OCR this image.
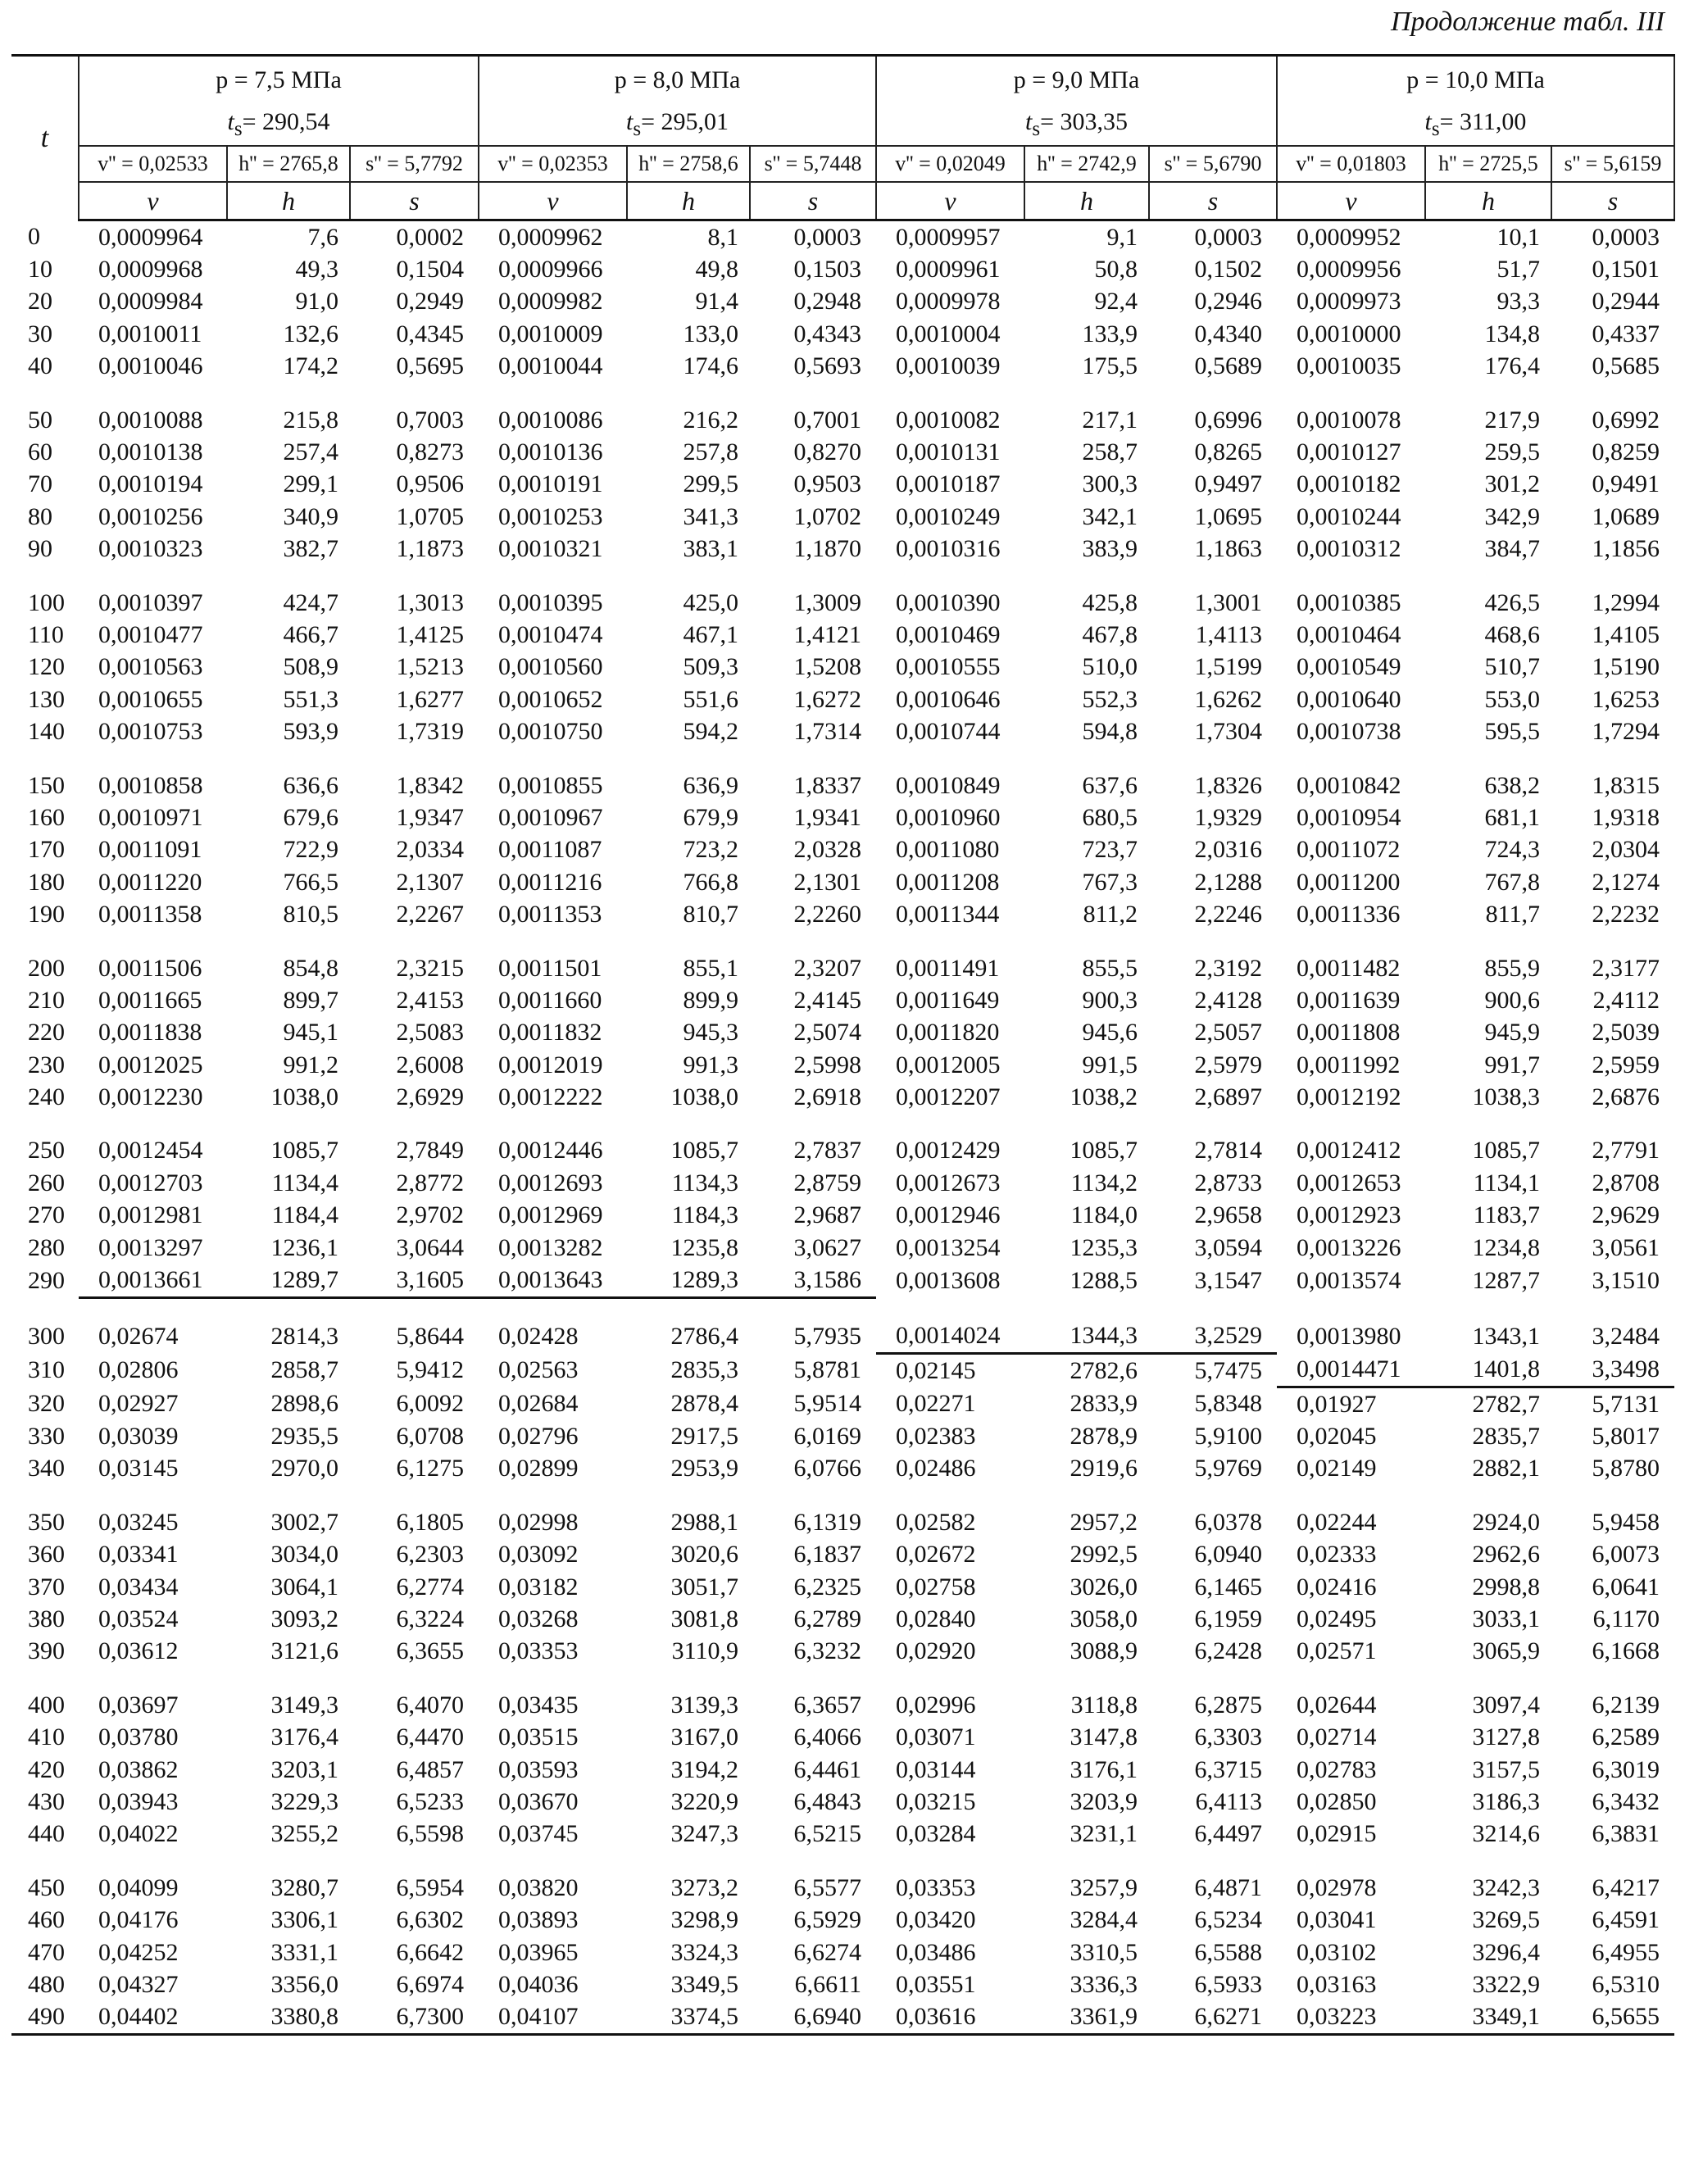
Продолжение табл. III
t	p = 7,5 МПа			p = 8,0 МПа			p = 9,0 МПа			p = 10,0 МПа		
	$t_s= 290,54$			$t_s= 295,01$			$t_s= 303,35$			$t_s= 311,00$		
	v'' = 0,02533	h'' = 2765,8	s'' = 5,7792	v'' = 0,02353	h'' = 2758,6	s'' = 5,7448	v'' = 0,02049	h'' = 2742,9	s'' = 5,6790	v'' = 0,01803	h'' = 2725,5	s'' = 5,6159
	v	h	s	v	h	s	v	h	s	v	h	s
0	0,0009964	7,6	0,0002	0,0009962	8,1	0,0003	0,0009957	9,1	0,0003	0,0009952	10,1	0,0003
10	0,0009968	49,3	0,1504	0,0009966	49,8	0,1503	0,0009961	50,8	0,1502	0,0009956	51,7	0,1501
20	0,0009984	91,0	0,2949	0,0009982	91,4	0,2948	0,0009978	92,4	0,2946	0,0009973	93,3	0,2944
30	0,0010011	132,6	0,4345	0,0010009	133,0	0,4343	0,0010004	133,9	0,4340	0,0010000	134,8	0,4337
40	0,0010046	174,2	0,5695	0,0010044	174,6	0,5693	0,0010039	175,5	0,5689	0,0010035	176,4	0,5685

50	0,0010088	215,8	0,7003	0,0010086	216,2	0,7001	0,0010082	217,1	0,6996	0,0010078	217,9	0,6992
60	0,0010138	257,4	0,8273	0,0010136	257,8	0,8270	0,0010131	258,7	0,8265	0,0010127	259,5	0,8259
70	0,0010194	299,1	0,9506	0,0010191	299,5	0,9503	0,0010187	300,3	0,9497	0,0010182	301,2	0,9491
80	0,0010256	340,9	1,0705	0,0010253	341,3	1,0702	0,0010249	342,1	1,0695	0,0010244	342,9	1,0689
90	0,0010323	382,7	1,1873	0,0010321	383,1	1,1870	0,0010316	383,9	1,1863	0,0010312	384,7	1,1856

100	0,0010397	424,7	1,3013	0,0010395	425,0	1,3009	0,0010390	425,8	1,3001	0,0010385	426,5	1,2994
110	0,0010477	466,7	1,4125	0,0010474	467,1	1,4121	0,0010469	467,8	1,4113	0,0010464	468,6	1,4105
120	0,0010563	508,9	1,5213	0,0010560	509,3	1,5208	0,0010555	510,0	1,5199	0,0010549	510,7	1,5190
130	0,0010655	551,3	1,6277	0,0010652	551,6	1,6272	0,0010646	552,3	1,6262	0,0010640	553,0	1,6253
140	0,0010753	593,9	1,7319	0,0010750	594,2	1,7314	0,0010744	594,8	1,7304	0,0010738	595,5	1,7294

150	0,0010858	636,6	1,8342	0,0010855	636,9	1,8337	0,0010849	637,6	1,8326	0,0010842	638,2	1,8315
160	0,0010971	679,6	1,9347	0,0010967	679,9	1,9341	0,0010960	680,5	1,9329	0,0010954	681,1	1,9318
170	0,0011091	722,9	2,0334	0,0011087	723,2	2,0328	0,0011080	723,7	2,0316	0,0011072	724,3	2,0304
180	0,0011220	766,5	2,1307	0,0011216	766,8	2,1301	0,0011208	767,3	2,1288	0,0011200	767,8	2,1274
190	0,0011358	810,5	2,2267	0,0011353	810,7	2,2260	0,0011344	811,2	2,2246	0,0011336	811,7	2,2232

200	0,0011506	854,8	2,3215	0,0011501	855,1	2,3207	0,0011491	855,5	2,3192	0,0011482	855,9	2,3177
210	0,0011665	899,7	2,4153	0,0011660	899,9	2,4145	0,0011649	900,3	2,4128	0,0011639	900,6	2,4112
220	0,0011838	945,1	2,5083	0,0011832	945,3	2,5074	0,0011820	945,6	2,5057	0,0011808	945,9	2,5039
230	0,0012025	991,2	2,6008	0,0012019	991,3	2,5998	0,0012005	991,5	2,5979	0,0011992	991,7	2,5959
240	0,0012230	1038,0	2,6929	0,0012222	1038,0	2,6918	0,0012207	1038,2	2,6897	0,0012192	1038,3	2,6876

250	0,0012454	1085,7	2,7849	0,0012446	1085,7	2,7837	0,0012429	1085,7	2,7814	0,0012412	1085,7	2,7791
260	0,0012703	1134,4	2,8772	0,0012693	1134,3	2,8759	0,0012673	1134,2	2,8733	0,0012653	1134,1	2,8708
270	0,0012981	1184,4	2,9702	0,0012969	1184,3	2,9687	0,0012946	1184,0	2,9658	0,0012923	1183,7	2,9629
280	0,0013297	1236,1	3,0644	0,0013282	1235,8	3,0627	0,0013254	1235,3	3,0594	0,0013226	1234,8	3,0561
290	0,0013661	1289,7	3,1605	0,0013643	1289,3	3,1586	0,0013608	1288,5	3,1547	0,0013574	1287,7	3,1510

300	0,02674	2814,3	5,8644	0,02428	2786,4	5,7935	0,0014024	1344,3	3,2529	0,0013980	1343,1	3,2484
310	0,02806	2858,7	5,9412	0,02563	2835,3	5,8781	0,02145	2782,6	5,7475	0,0014471	1401,8	3,3498
320	0,02927	2898,6	6,0092	0,02684	2878,4	5,9514	0,02271	2833,9	5,8348	0,01927	2782,7	5,7131
330	0,03039	2935,5	6,0708	0,02796	2917,5	6,0169	0,02383	2878,9	5,9100	0,02045	2835,7	5,8017
340	0,03145	2970,0	6,1275	0,02899	2953,9	6,0766	0,02486	2919,6	5,9769	0,02149	2882,1	5,8780

350	0,03245	3002,7	6,1805	0,02998	2988,1	6,1319	0,02582	2957,2	6,0378	0,02244	2924,0	5,9458
360	0,03341	3034,0	6,2303	0,03092	3020,6	6,1837	0,02672	2992,5	6,0940	0,02333	2962,6	6,0073
370	0,03434	3064,1	6,2774	0,03182	3051,7	6,2325	0,02758	3026,0	6,1465	0,02416	2998,8	6,0641
380	0,03524	3093,2	6,3224	0,03268	3081,8	6,2789	0,02840	3058,0	6,1959	0,02495	3033,1	6,1170
390	0,03612	3121,6	6,3655	0,03353	3110,9	6,3232	0,02920	3088,9	6,2428	0,02571	3065,9	6,1668

400	0,03697	3149,3	6,4070	0,03435	3139,3	6,3657	0,02996	3118,8	6,2875	0,02644	3097,4	6,2139
410	0,03780	3176,4	6,4470	0,03515	3167,0	6,4066	0,03071	3147,8	6,3303	0,02714	3127,8	6,2589
420	0,03862	3203,1	6,4857	0,03593	3194,2	6,4461	0,03144	3176,1	6,3715	0,02783	3157,5	6,3019
430	0,03943	3229,3	6,5233	0,03670	3220,9	6,4843	0,03215	3203,9	6,4113	0,02850	3186,3	6,3432
440	0,04022	3255,2	6,5598	0,03745	3247,3	6,5215	0,03284	3231,1	6,4497	0,02915	3214,6	6,3831

450	0,04099	3280,7	6,5954	0,03820	3273,2	6,5577	0,03353	3257,9	6,4871	0,02978	3242,3	6,4217
460	0,04176	3306,1	6,6302	0,03893	3298,9	6,5929	0,03420	3284,4	6,5234	0,03041	3269,5	6,4591
470	0,04252	3331,1	6,6642	0,03965	3324,3	6,6274	0,03486	3310,5	6,5588	0,03102	3296,4	6,4955
480	0,04327	3356,0	6,6974	0,04036	3349,5	6,6611	0,03551	3336,3	6,5933	0,03163	3322,9	6,5310
490	0,04402	3380,8	6,7300	0,04107	3374,5	6,6940	0,03616	3361,9	6,6271	0,03223	3349,1	6,5655
